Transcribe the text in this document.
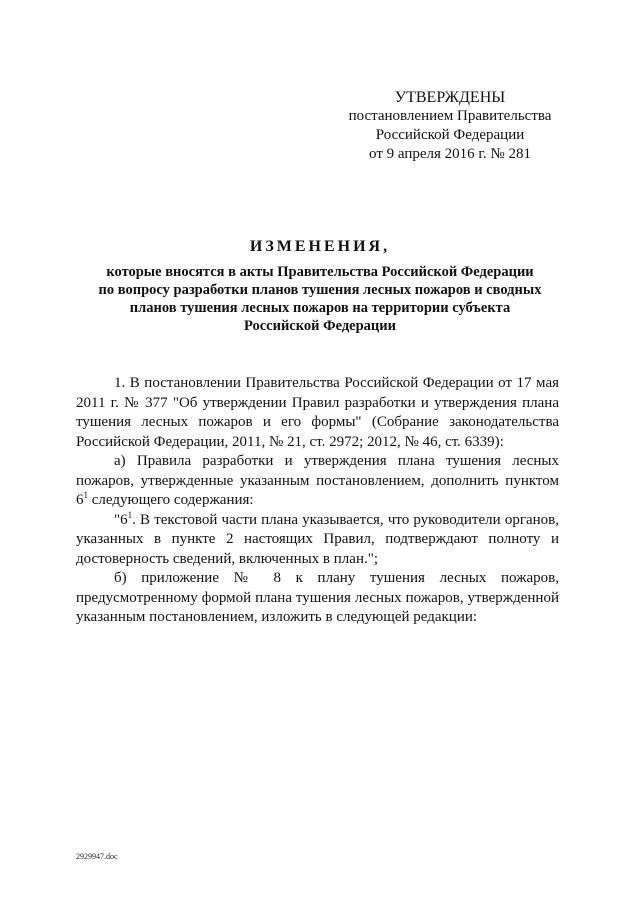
УТВЕРЖДЕНЫ
постановлением Правительства
Российской Федерации
от 9 апреля 2016 г. № 281
ИЗМЕНЕНИЯ,
которые вносятся в акты Правительства Российской Федерации
по вопросу разработки планов тушения лесных пожаров и сводных
планов тушения лесных пожаров на территории субъекта
Российской Федерации

1. В постановлении Правительства Российской Федерации от 17 мая 2011 г. № 377 "Об утверждении Правил разработки и утверждения плана тушения лесных пожаров и его формы" (Собрание законодательства Российской Федерации, 2011, № 21, ст. 2972; 2012, № 46, ст. 6339):

а) Правила разработки и утверждения плана тушения лесных пожаров, утвержденные указанным постановлением, дополнить пунктом $6^1$ следующего содержания:

"$6^1$. В текстовой части плана указывается, что руководители органов, указанных в пункте 2 настоящих Правил, подтверждают полноту и достоверность сведений, включенных в план.";

б) приложение № 8 к плану тушения лесных пожаров, предусмотренному формой плана тушения лесных пожаров, утвержденной указанным постановлением, изложить в следующей редакции:

2929947.doc
